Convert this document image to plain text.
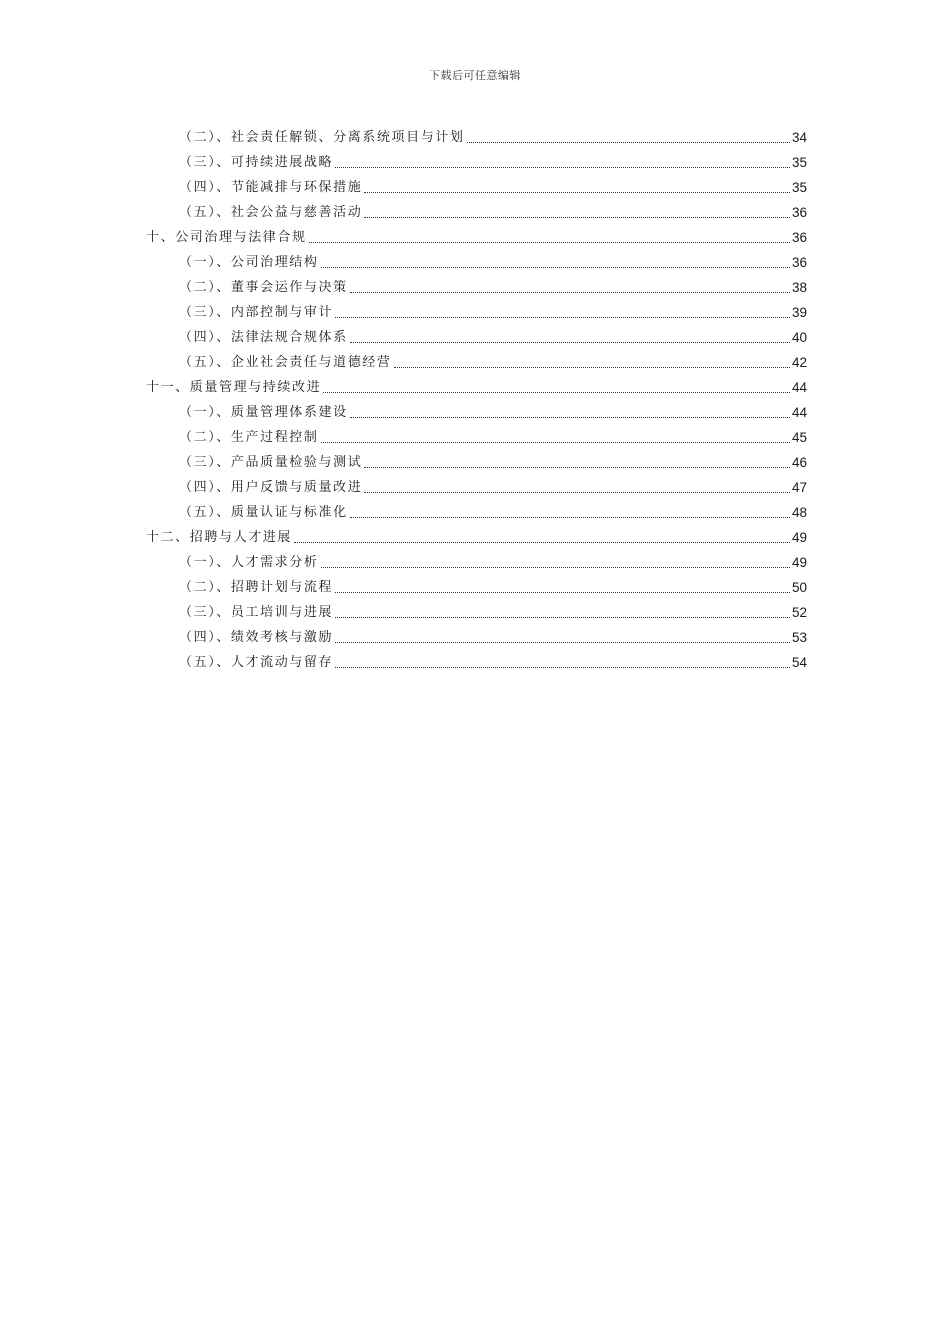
下载后可任意编辑
（二）、社会责任解锁、分离系统项目与计划	34
（三）、可持续进展战略	35
（四）、节能减排与环保措施	35
（五）、社会公益与慈善活动	36
十、公司治理与法律合规	36
（一）、公司治理结构	36
（二）、董事会运作与决策	38
（三）、内部控制与审计	39
（四）、法律法规合规体系	40
（五）、企业社会责任与道德经营	42
十一、质量管理与持续改进	44
（一）、质量管理体系建设	44
（二）、生产过程控制	45
（三）、产品质量检验与测试	46
（四）、用户反馈与质量改进	47
（五）、质量认证与标准化	48
十二、招聘与人才进展	49
（一）、人才需求分析	49
（二）、招聘计划与流程	50
（三）、员工培训与进展	52
（四）、绩效考核与激励	53
（五）、人才流动与留存	54
